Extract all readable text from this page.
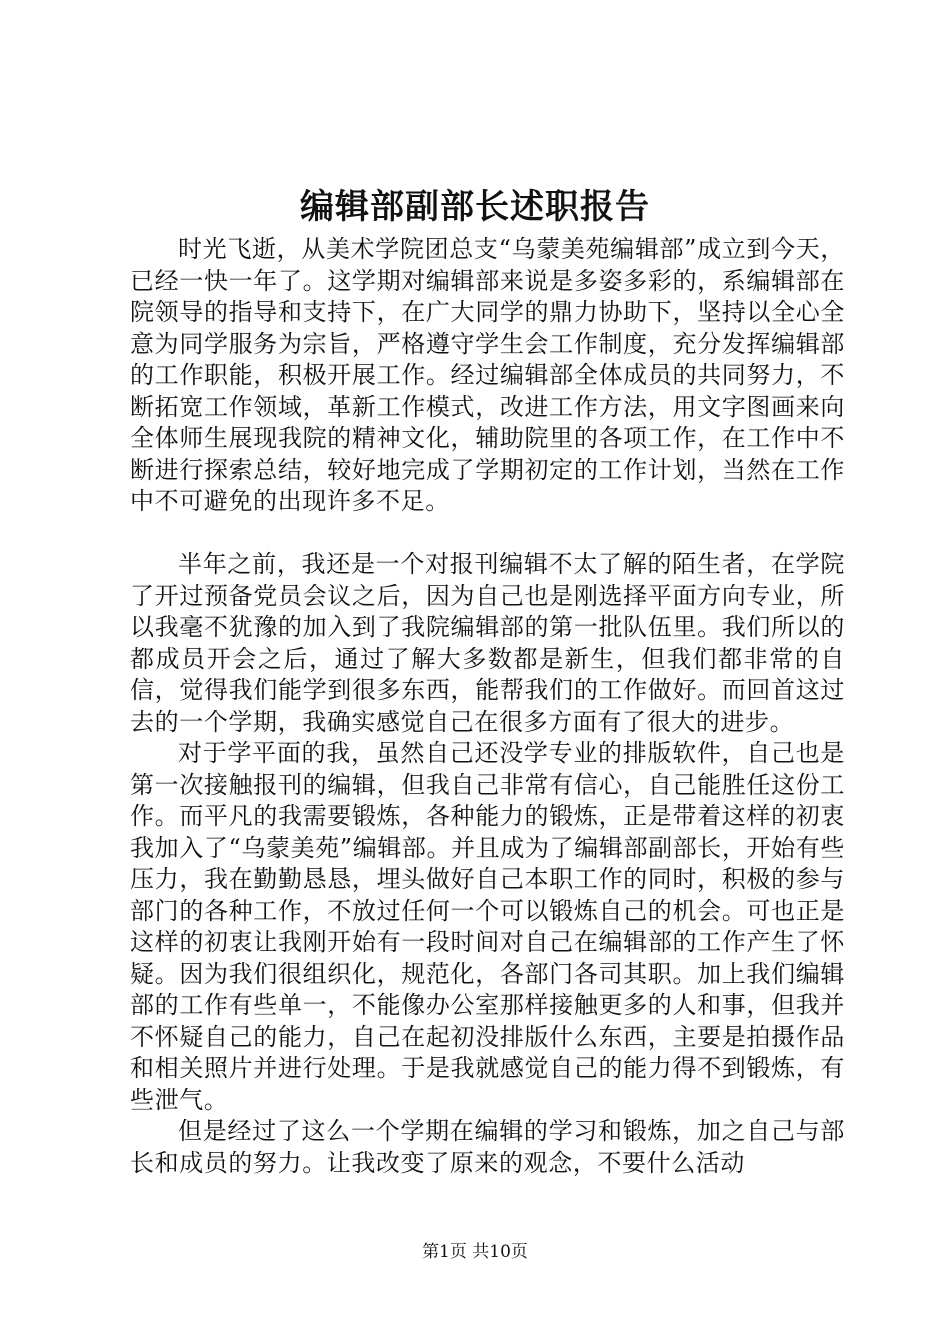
编辑部副部长述职报告

时光飞逝，从美术学院团总支“乌蒙美苑编辑部”成立到今天，已经一快一年了。这学期对编辑部来说是多姿多彩的，系编辑部在院领导的指导和支持下，在广大同学的鼎力协助下，坚持以全心全意为同学服务为宗旨，严格遵守学生会工作制度，充分发挥编辑部的工作职能，积极开展工作。经过编辑部全体成员的共同努力，不断拓宽工作领域，革新工作模式，改进工作方法，用文字图画来向全体师生展现我院的精神文化，辅助院里的各项工作，在工作中不断进行探索总结，较好地完成了学期初定的工作计划，当然在工作中不可避免的出现许多不足。

半年之前，我还是一个对报刊编辑不太了解的陌生者，在学院了开过预备党员会议之后，因为自己也是刚选择平面方向专业，所以我毫不犹豫的加入到了我院编辑部的第一批队伍里。我们所以的都成员开会之后，通过了解大多数都是新生，但我们都非常的自信，觉得我们能学到很多东西，能帮我们的工作做好。而回首这过去的一个学期，我确实感觉自己在很多方面有了很大的进步。

对于学平面的我，虽然自己还没学专业的排版软件，自己也是第一次接触报刊的编辑，但我自己非常有信心，自己能胜任这份工作。而平凡的我需要锻炼，各种能力的锻炼，正是带着这样的初衷我加入了“乌蒙美苑”编辑部。并且成为了编辑部副部长，开始有些压力，我在勤勤恳恳，埋头做好自己本职工作的同时，积极的参与部门的各种工作，不放过任何一个可以锻炼自己的机会。可也正是这样的初衷让我刚开始有一段时间对自己在编辑部的工作产生了怀疑。因为我们很组织化，规范化，各部门各司其职。加上我们编辑部的工作有些单一，不能像办公室那样接触更多的人和事，但我并不怀疑自己的能力，自己在起初没排版什么东西，主要是拍摄作品和相关照片并进行处理。于是我就感觉自己的能力得不到锻炼，有些泄气。

但是经过了这么一个学期在编辑的学习和锻炼，加之自己与部长和成员的努力。让我改变了原来的观念，不要什么活动

第1页 共10页
